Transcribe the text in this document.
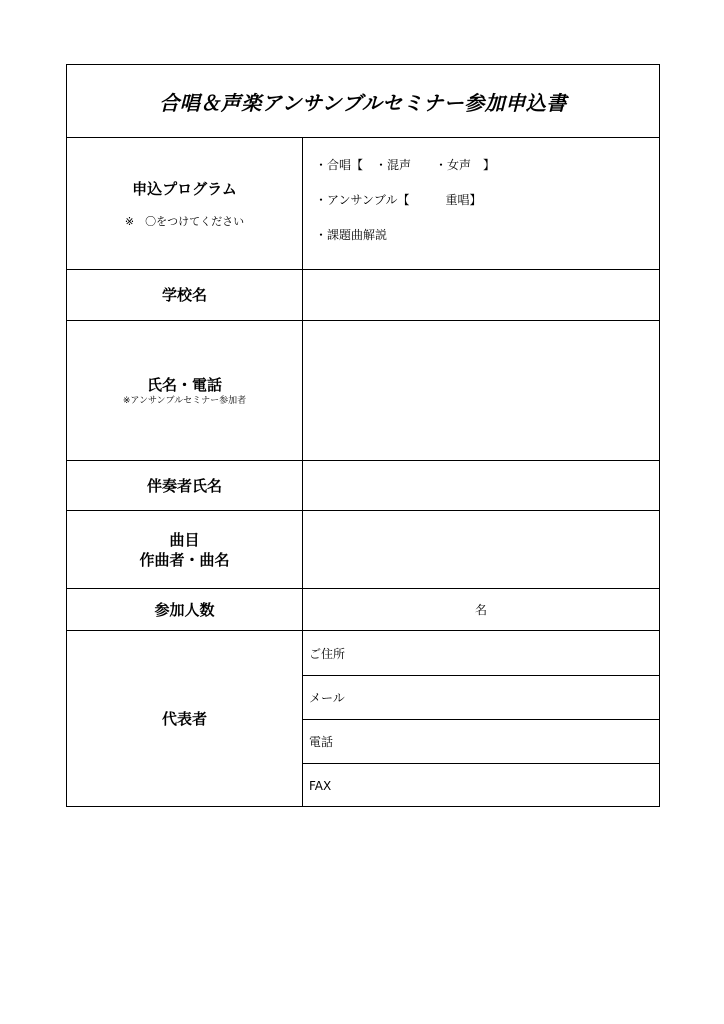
合唱＆声楽アンサンブルセミナー参加申込書
申込プログラム
※　〇をつけてください
・合唱【　・混声　　・女声　】
・アンサンブル【　　　重唱】
・課題曲解説
学校名
氏名・電話
※アンサンブルセミナー参加者
伴奏者氏名
曲目
作曲者・曲名
参加人数	名
代表者
ご住所
メール
電話
FAX
